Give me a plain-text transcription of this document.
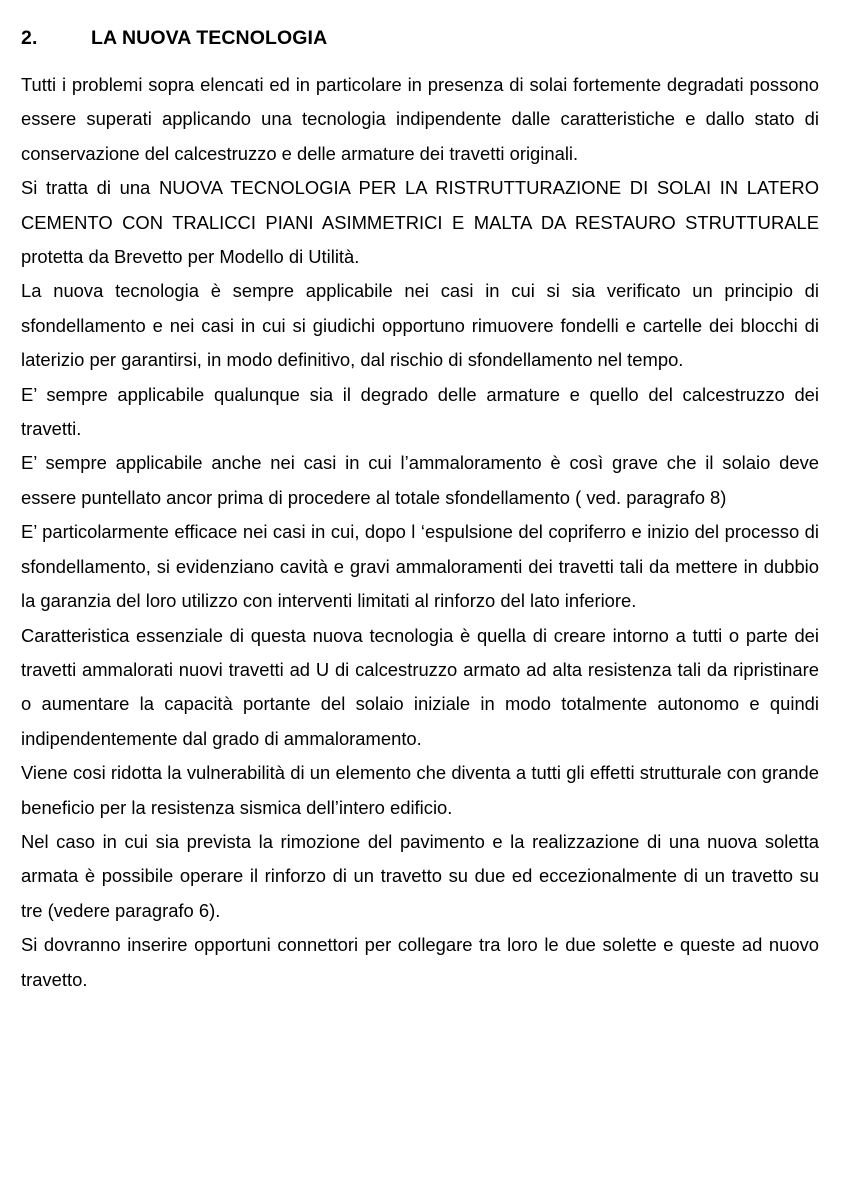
2.	LA NUOVA TECNOLOGIA

Tutti i problemi sopra elencati ed in particolare in presenza di solai fortemente degradati possono essere superati applicando una tecnologia indipendente dalle caratteristiche e dallo stato di conservazione del calcestruzzo e delle armature dei travetti originali.

Si tratta di una NUOVA TECNOLOGIA PER LA RISTRUTTURAZIONE DI SOLAI IN LATERO CEMENTO CON TRALICCI PIANI ASIMMETRICI E MALTA DA RESTAURO STRUTTURALE protetta da Brevetto per Modello di Utilità.

La nuova tecnologia è sempre applicabile nei casi in cui si sia verificato un principio di sfondellamento e nei casi in cui si giudichi opportuno rimuovere fondelli e cartelle dei blocchi di laterizio per garantirsi, in modo definitivo, dal rischio di sfondellamento nel tempo.

E’ sempre applicabile qualunque sia il degrado delle armature e quello del calcestruzzo dei travetti.

E’ sempre applicabile anche nei casi in cui l’ammaloramento è così grave che il solaio deve essere puntellato ancor prima di procedere al totale sfondellamento ( ved. paragrafo 8)

E’ particolarmente efficace nei casi in cui, dopo l ‘espulsione del copriferro e inizio del processo di sfondellamento, si evidenziano cavità e gravi ammaloramenti dei travetti tali da mettere in dubbio la garanzia del loro utilizzo con interventi limitati al rinforzo del lato inferiore.

Caratteristica essenziale di questa nuova tecnologia è quella di creare intorno a tutti o parte dei travetti ammalorati nuovi travetti ad U di calcestruzzo armato ad alta resistenza tali da ripristinare o aumentare la capacità portante del solaio iniziale in modo totalmente autonomo e quindi indipendentemente dal grado di ammaloramento.

Viene cosi ridotta la vulnerabilità di un elemento che diventa a tutti gli effetti strutturale con grande beneficio per la resistenza sismica dell’intero edificio.

Nel caso in cui sia prevista la rimozione del pavimento e la realizzazione di una nuova soletta armata è possibile operare il rinforzo di un travetto su due ed eccezionalmente di un travetto su tre (vedere paragrafo 6).

Si dovranno inserire opportuni connettori per collegare tra loro le due solette e queste ad nuovo travetto.
